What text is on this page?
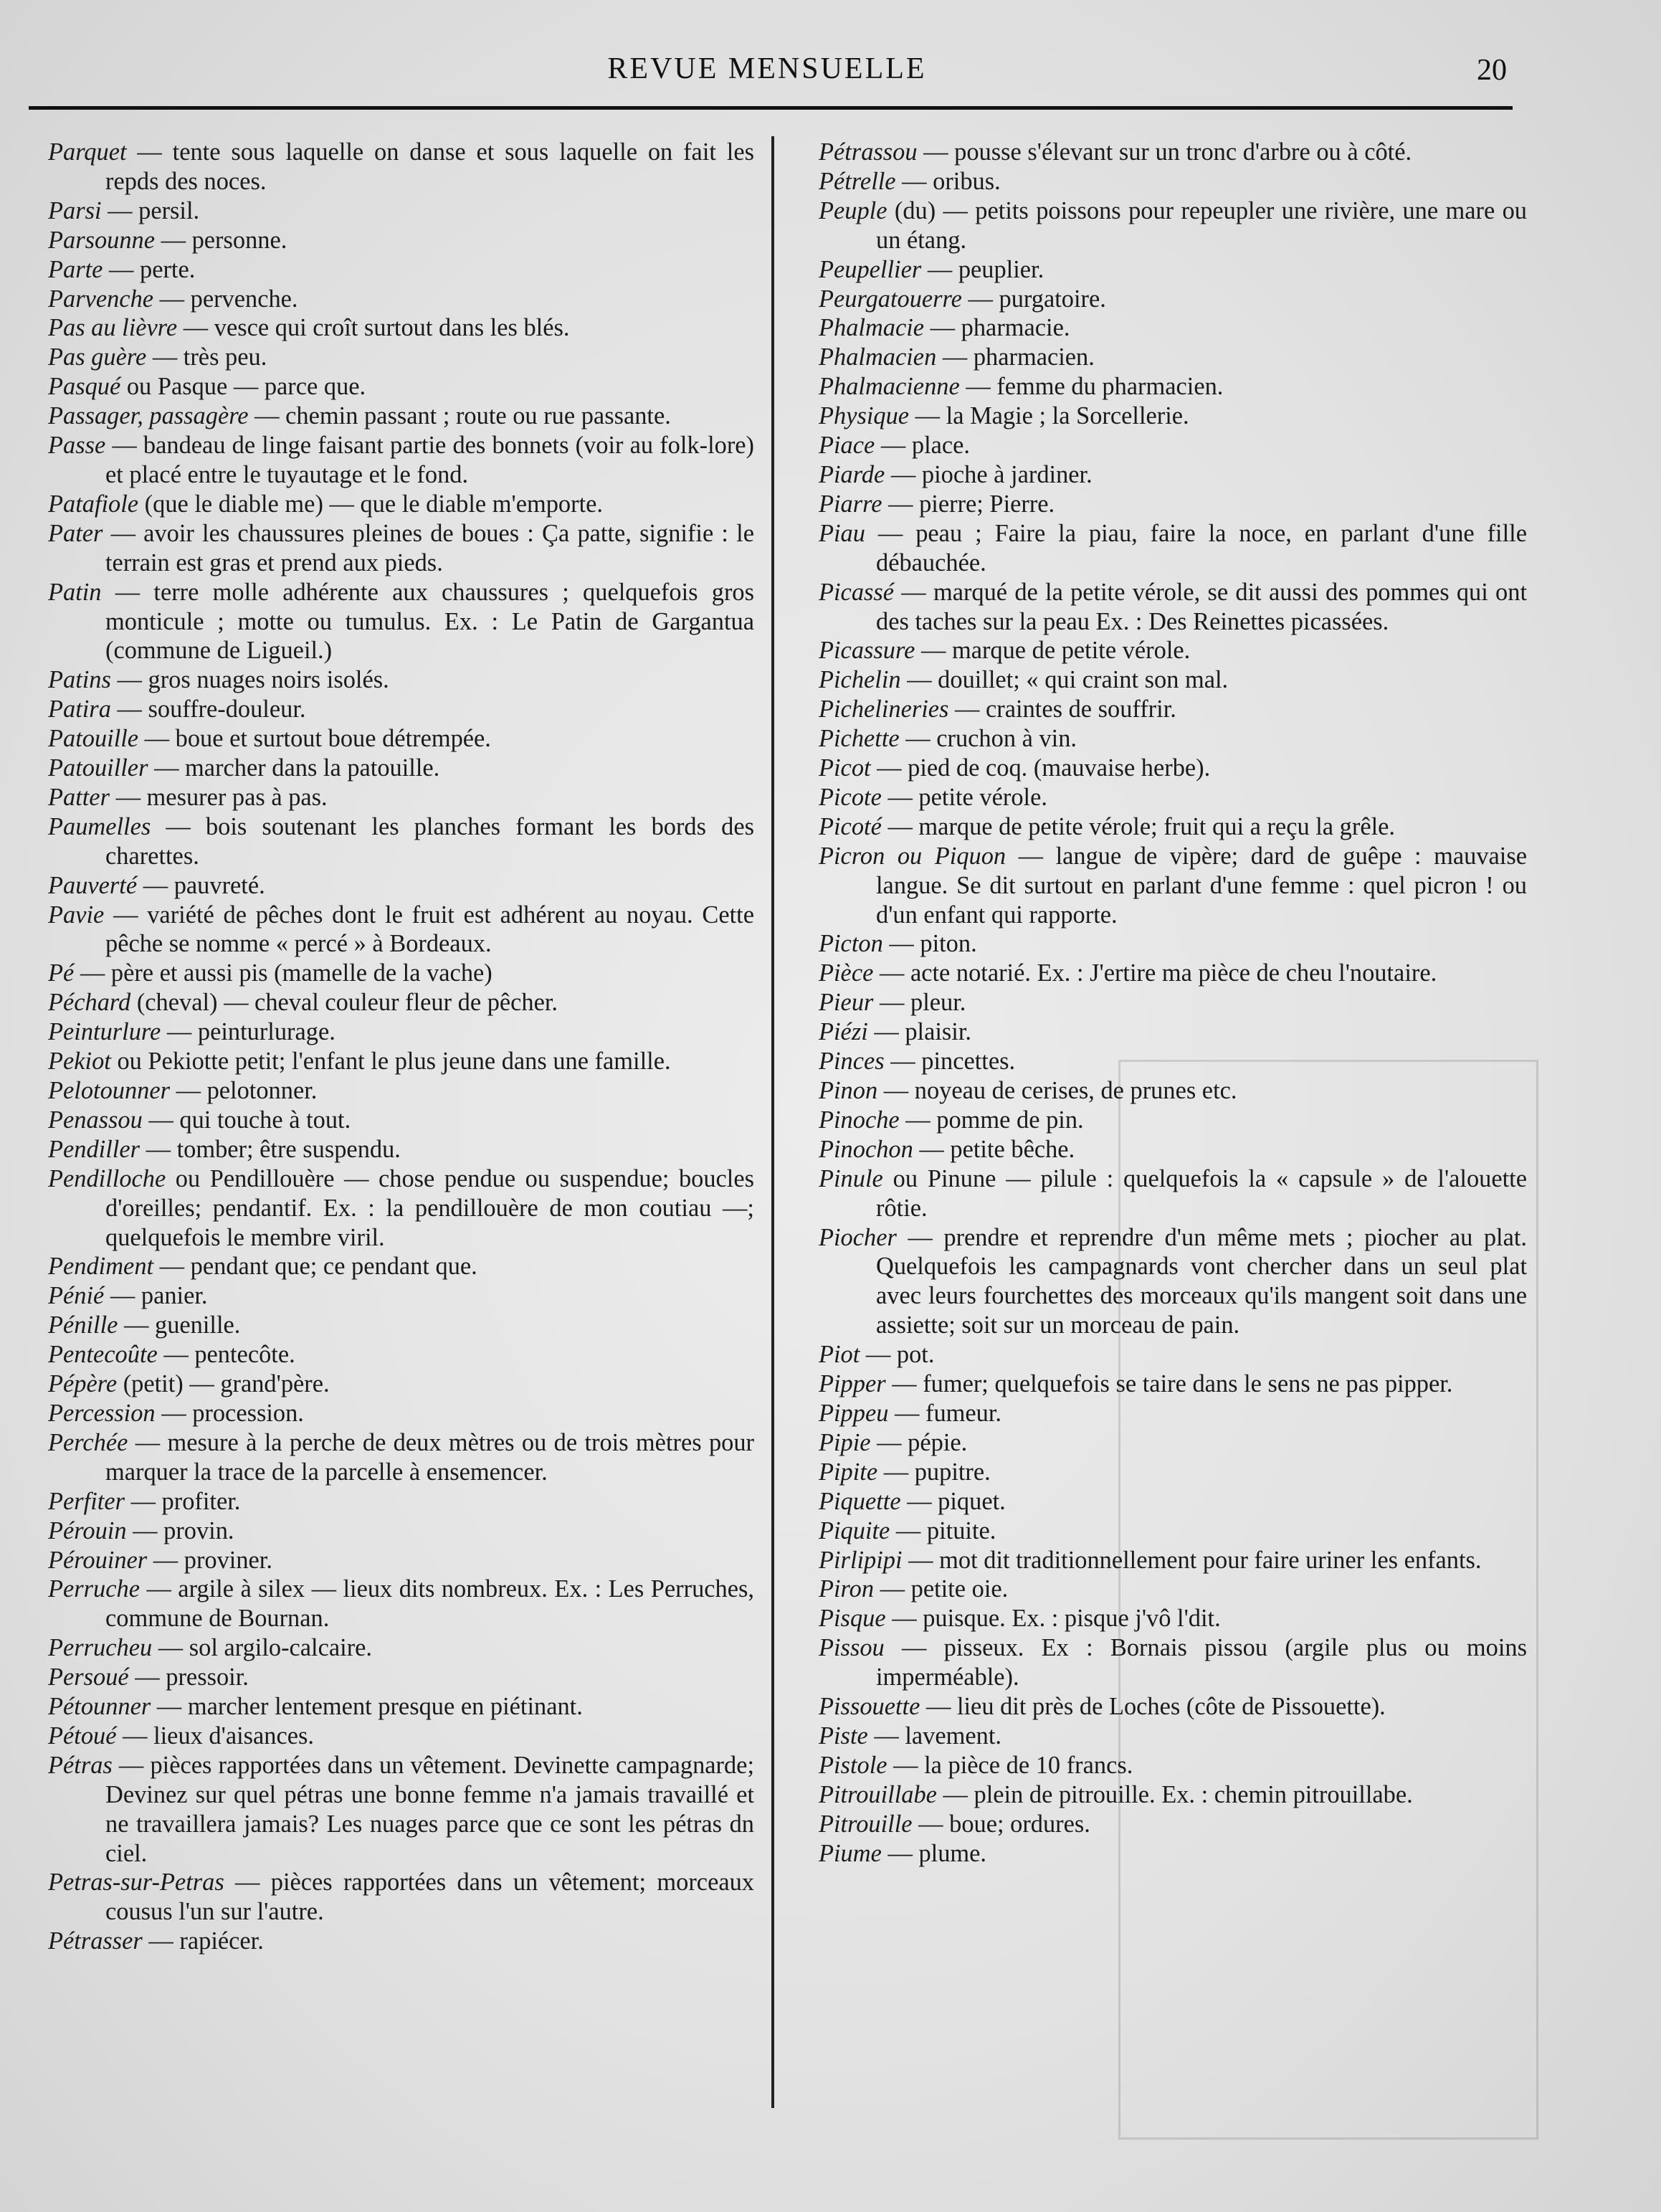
REVUE MENSUELLE	20
Parquet — tente sous laquelle on danse et sous laquelle on fait les repds des noces.
Parsi — persil.
Parsounne — personne.
Parte — perte.
Parvenche — pervenche.
Pas au lièvre — vesce qui croît surtout dans les blés.
Pas guère — très peu.
Pasqué ou Pasque — parce que.
Passager, passagère — chemin passant ; route ou rue passante.
Passe — bandeau de linge faisant partie des bonnets (voir au folk-lore) et placé entre le tuyautage et le fond.
Patafiole (que le diable me) — que le diable m'emporte.
Pater — avoir les chaussures pleines de boues : Ça patte, signifie : le terrain est gras et prend aux pieds.
Patin — terre molle adhérente aux chaussures ; quelquefois gros monticule ; motte ou tumulus. Ex. : Le Patin de Gargantua (commune de Ligueil.)
Patins — gros nuages noirs isolés.
Patira — souffre-douleur.
Patouille — boue et surtout boue détrempée.
Patouiller — marcher dans la patouille.
Patter — mesurer pas à pas.
Paumelles — bois soutenant les planches formant les bords des charettes.
Pauverté — pauvreté.
Pavie — variété de pêches dont le fruit est adhérent au noyau. Cette pêche se nomme « percé » à Bordeaux.
Pé — père et aussi pis (mamelle de la vache)
Péchard (cheval) — cheval couleur fleur de pêcher.
Peinturlure — peinturlurage.
Pekiot ou Pekiotte petit; l'enfant le plus jeune dans une famille.
Pelotounner — pelotonner.
Penassou — qui touche à tout.
Pendiller — tomber; être suspendu.
Pendilloche ou Pendillouère — chose pendue ou suspendue; boucles d'oreilles; pendantif. Ex. : la pendillouère de mon coutiau —; quelquefois le membre viril.
Pendiment — pendant que; ce pendant que.
Pénié — panier.
Pénille — guenille.
Pentecoûte — pentecôte.
Pépère (petit) — grand'père.
Percession — procession.
Perchée — mesure à la perche de deux mètres ou de trois mètres pour marquer la trace de la parcelle à ensemencer.
Perfiter — profiter.
Pérouin — provin.
Pérouiner — proviner.
Perruche — argile à silex — lieux dits nombreux. Ex. : Les Perruches, commune de Bournan.
Perrucheu — sol argilo-calcaire.
Persoué — pressoir.
Pétounner — marcher lentement presque en piétinant.
Pétoué — lieux d'aisances.
Pétras — pièces rapportées dans un vêtement. Devinette campagnarde; Devinez sur quel pétras une bonne femme n'a jamais travaillé et ne travaillera jamais? Les nuages parce que ce sont les pétras dn ciel.
Petras-sur-Petras — pièces rapportées dans un vêtement; morceaux cousus l'un sur l'autre.
Pétrasser — rapiécer.
Pétrassou — pousse s'élevant sur un tronc d'arbre ou à côté.
Pétrelle — oribus.
Peuple (du) — petits poissons pour repeupler une rivière, une mare ou un étang.
Peupellier — peuplier.
Peurgatouerre — purgatoire.
Phalmacie — pharmacie.
Phalmacien — pharmacien.
Phalmacienne — femme du pharmacien.
Physique — la Magie ; la Sorcellerie.
Piace — place.
Piarde — pioche à jardiner.
Piarre — pierre; Pierre.
Piau — peau ; Faire la piau, faire la noce, en parlant d'une fille débauchée.
Picassé — marqué de la petite vérole, se dit aussi des pommes qui ont des taches sur la peau Ex. : Des Reinettes picassées.
Picassure — marque de petite vérole.
Pichelin — douillet; « qui craint son mal.
Pichelineries — craintes de souffrir.
Pichette — cruchon à vin.
Picot — pied de coq. (mauvaise herbe).
Picote — petite vérole.
Picoté — marque de petite vérole; fruit qui a reçu la grêle.
Picron ou Piquon — langue de vipère; dard de guêpe : mauvaise langue. Se dit surtout en parlant d'une femme : quel picron ! ou d'un enfant qui rapporte.
Picton — piton.
Pièce — acte notarié. Ex. : J'ertire ma pièce de cheu l'noutaire.
Pieur — pleur.
Piézi — plaisir.
Pinces — pincettes.
Pinon — noyeau de cerises, de prunes etc.
Pinoche — pomme de pin.
Pinochon — petite bêche.
Pinule ou Pinune — pilule : quelquefois la « capsule » de l'alouette rôtie.
Piocher — prendre et reprendre d'un même mets ; piocher au plat. Quelquefois les campagnards vont chercher dans un seul plat avec leurs fourchettes des morceaux qu'ils mangent soit dans une assiette; soit sur un morceau de pain.
Piot — pot.
Pipper — fumer; quelquefois se taire dans le sens ne pas pipper.
Pippeu — fumeur.
Pipie — pépie.
Pipite — pupitre.
Piquette — piquet.
Piquite — pituite.
Pirlipipi — mot dit traditionnellement pour faire uriner les enfants.
Piron — petite oie.
Pisque — puisque. Ex. : pisque j'vô l'dit.
Pissou — pisseux. Ex : Bornais pissou (argile plus ou moins imperméable).
Pissouette — lieu dit près de Loches (côte de Pissouette).
Piste — lavement.
Pistole — la pièce de 10 francs.
Pitrouillabe — plein de pitrouille. Ex. : chemin pitrouillabe.
Pitrouille — boue; ordures.
Piume — plume.
